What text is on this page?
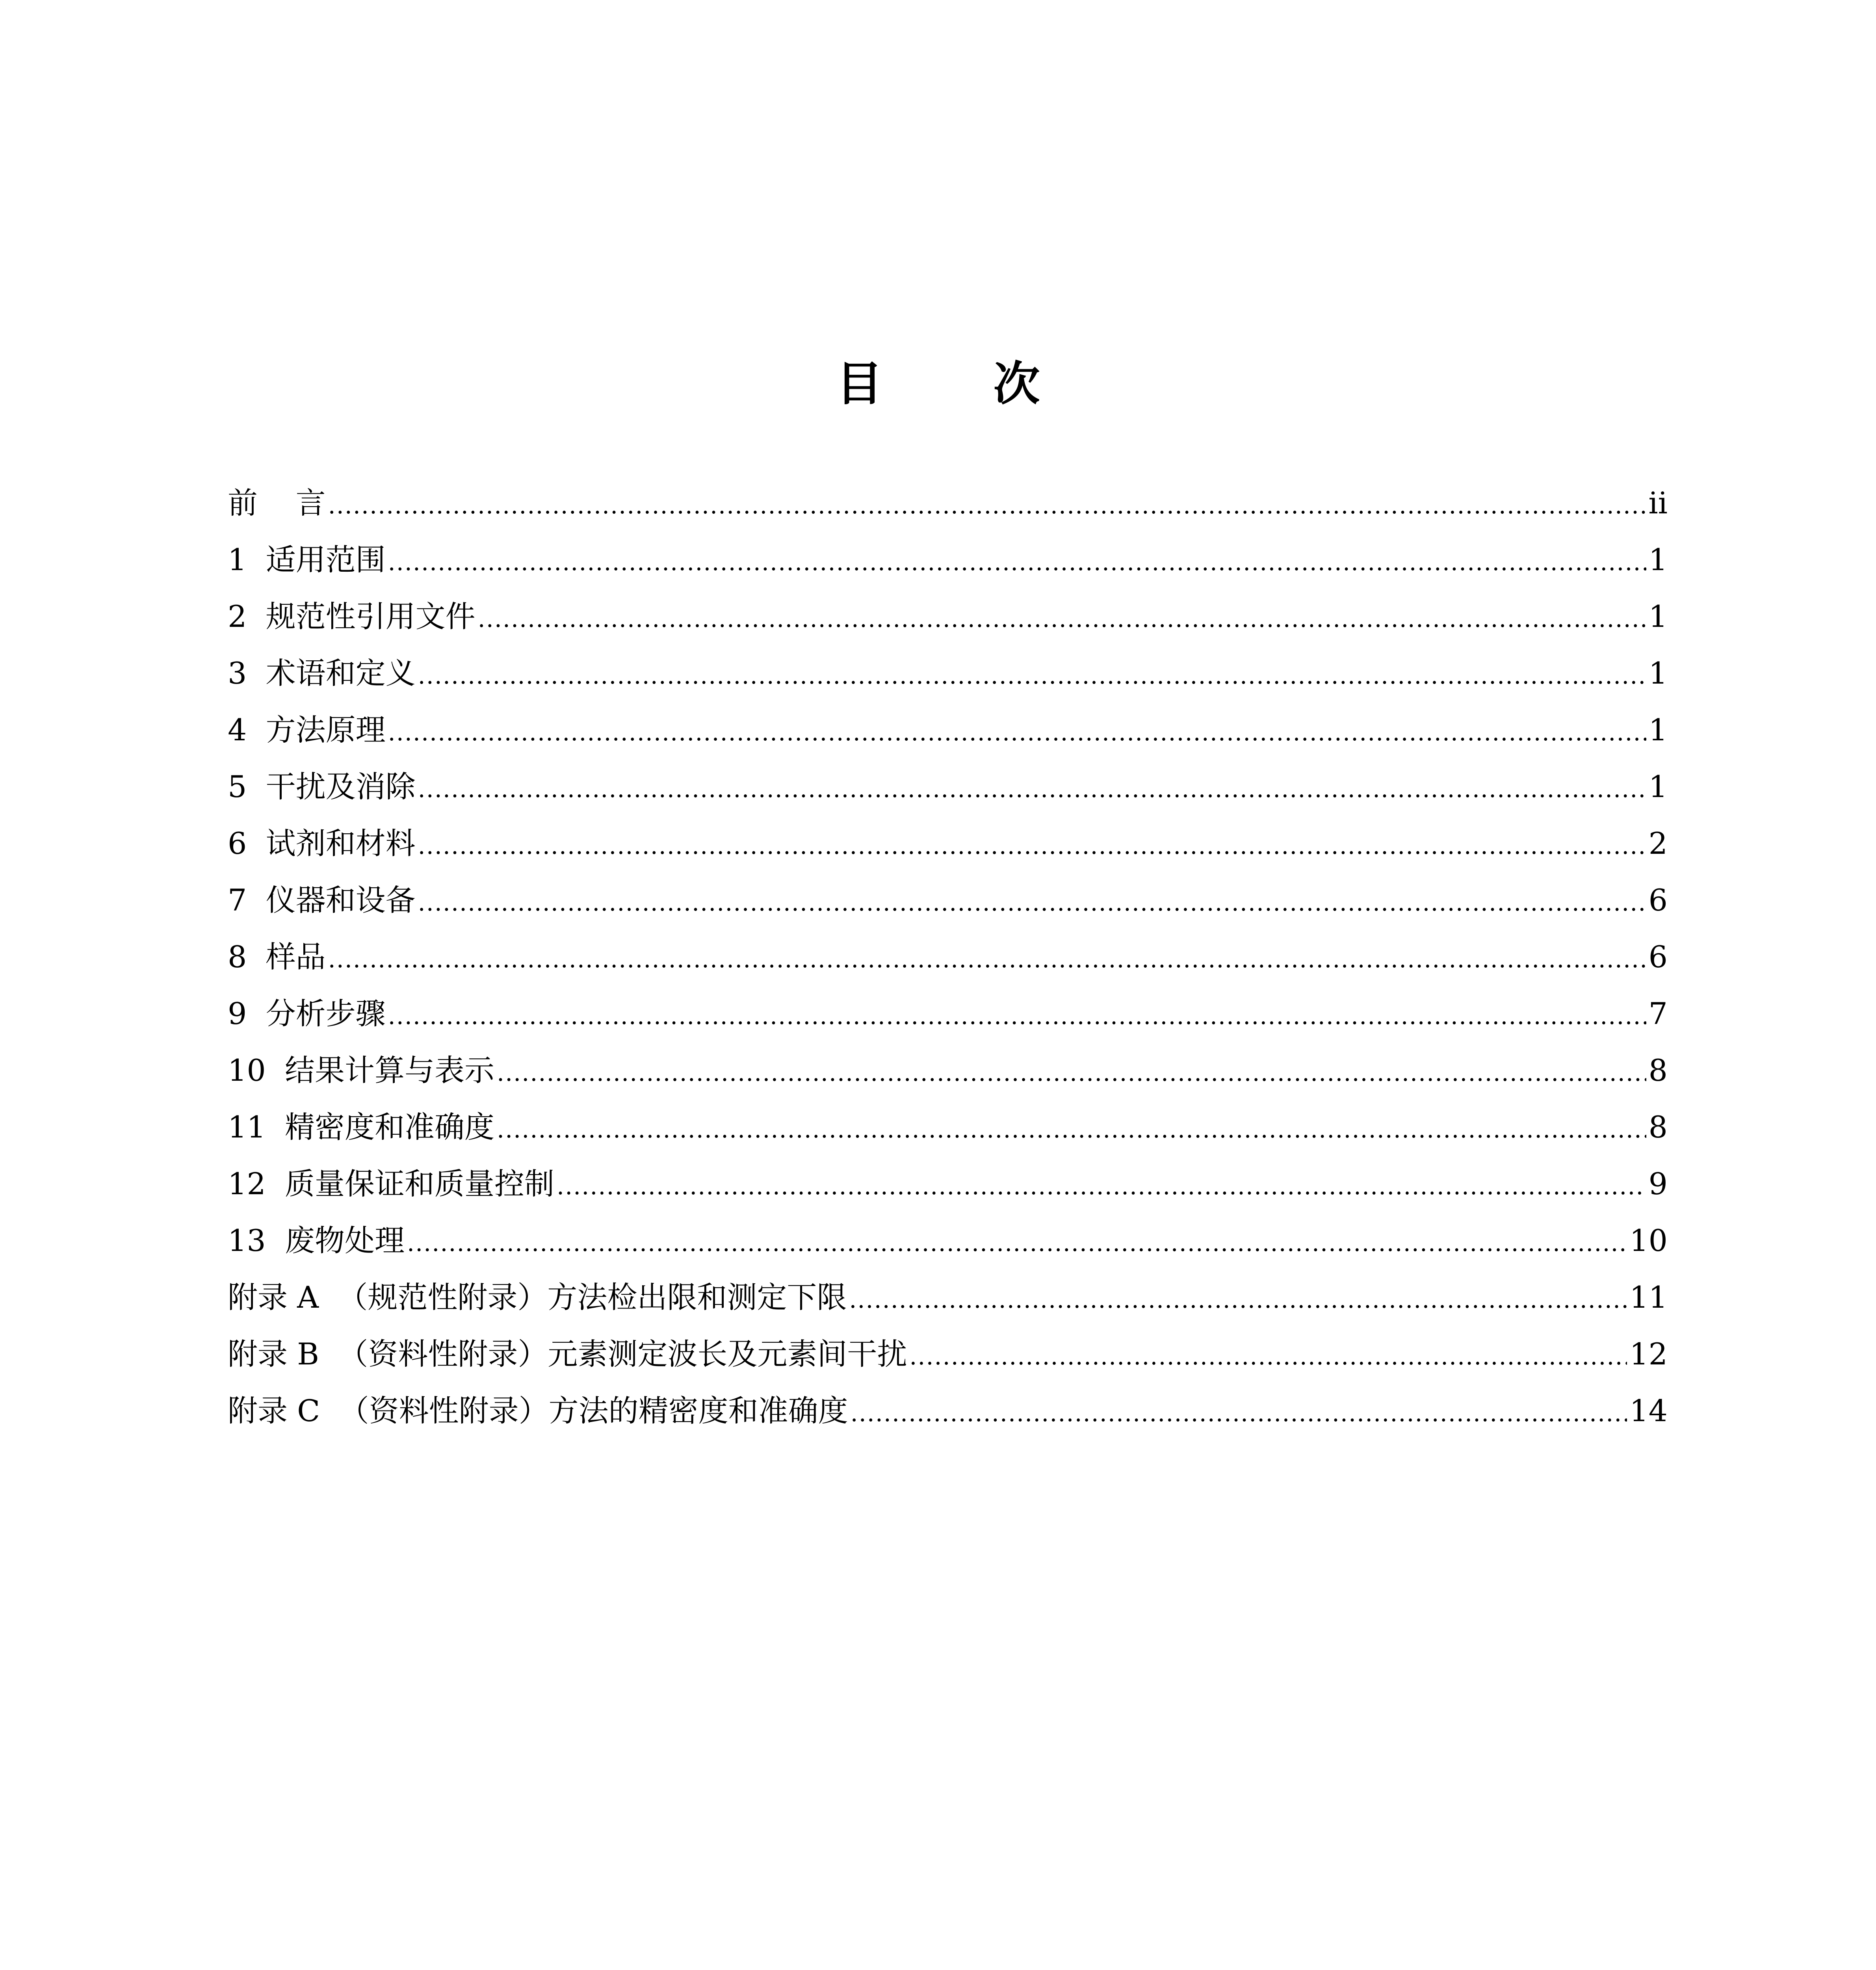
目 次
前    言 .....	ii
1  适用范围 .....	1
2  规范性引用文件 .....	1
3  术语和定义 .....	1
4  方法原理 .....	1
5  干扰及消除 .....	1
6  试剂和材料 .....	2
7  仪器和设备 .....	6
8  样品 .....	6
9  分析步骤 .....	7
10  结果计算与表示 .....	8
11  精密度和准确度 .....	8
12  质量保证和质量控制 .....	9
13  废物处理 .....	10
附录 A  （规范性附录）方法检出限和测定下限 .....	11
附录 B  （资料性附录）元素测定波长及元素间干扰 .....	12
附录 C  （资料性附录）方法的精密度和准确度 .....	14
